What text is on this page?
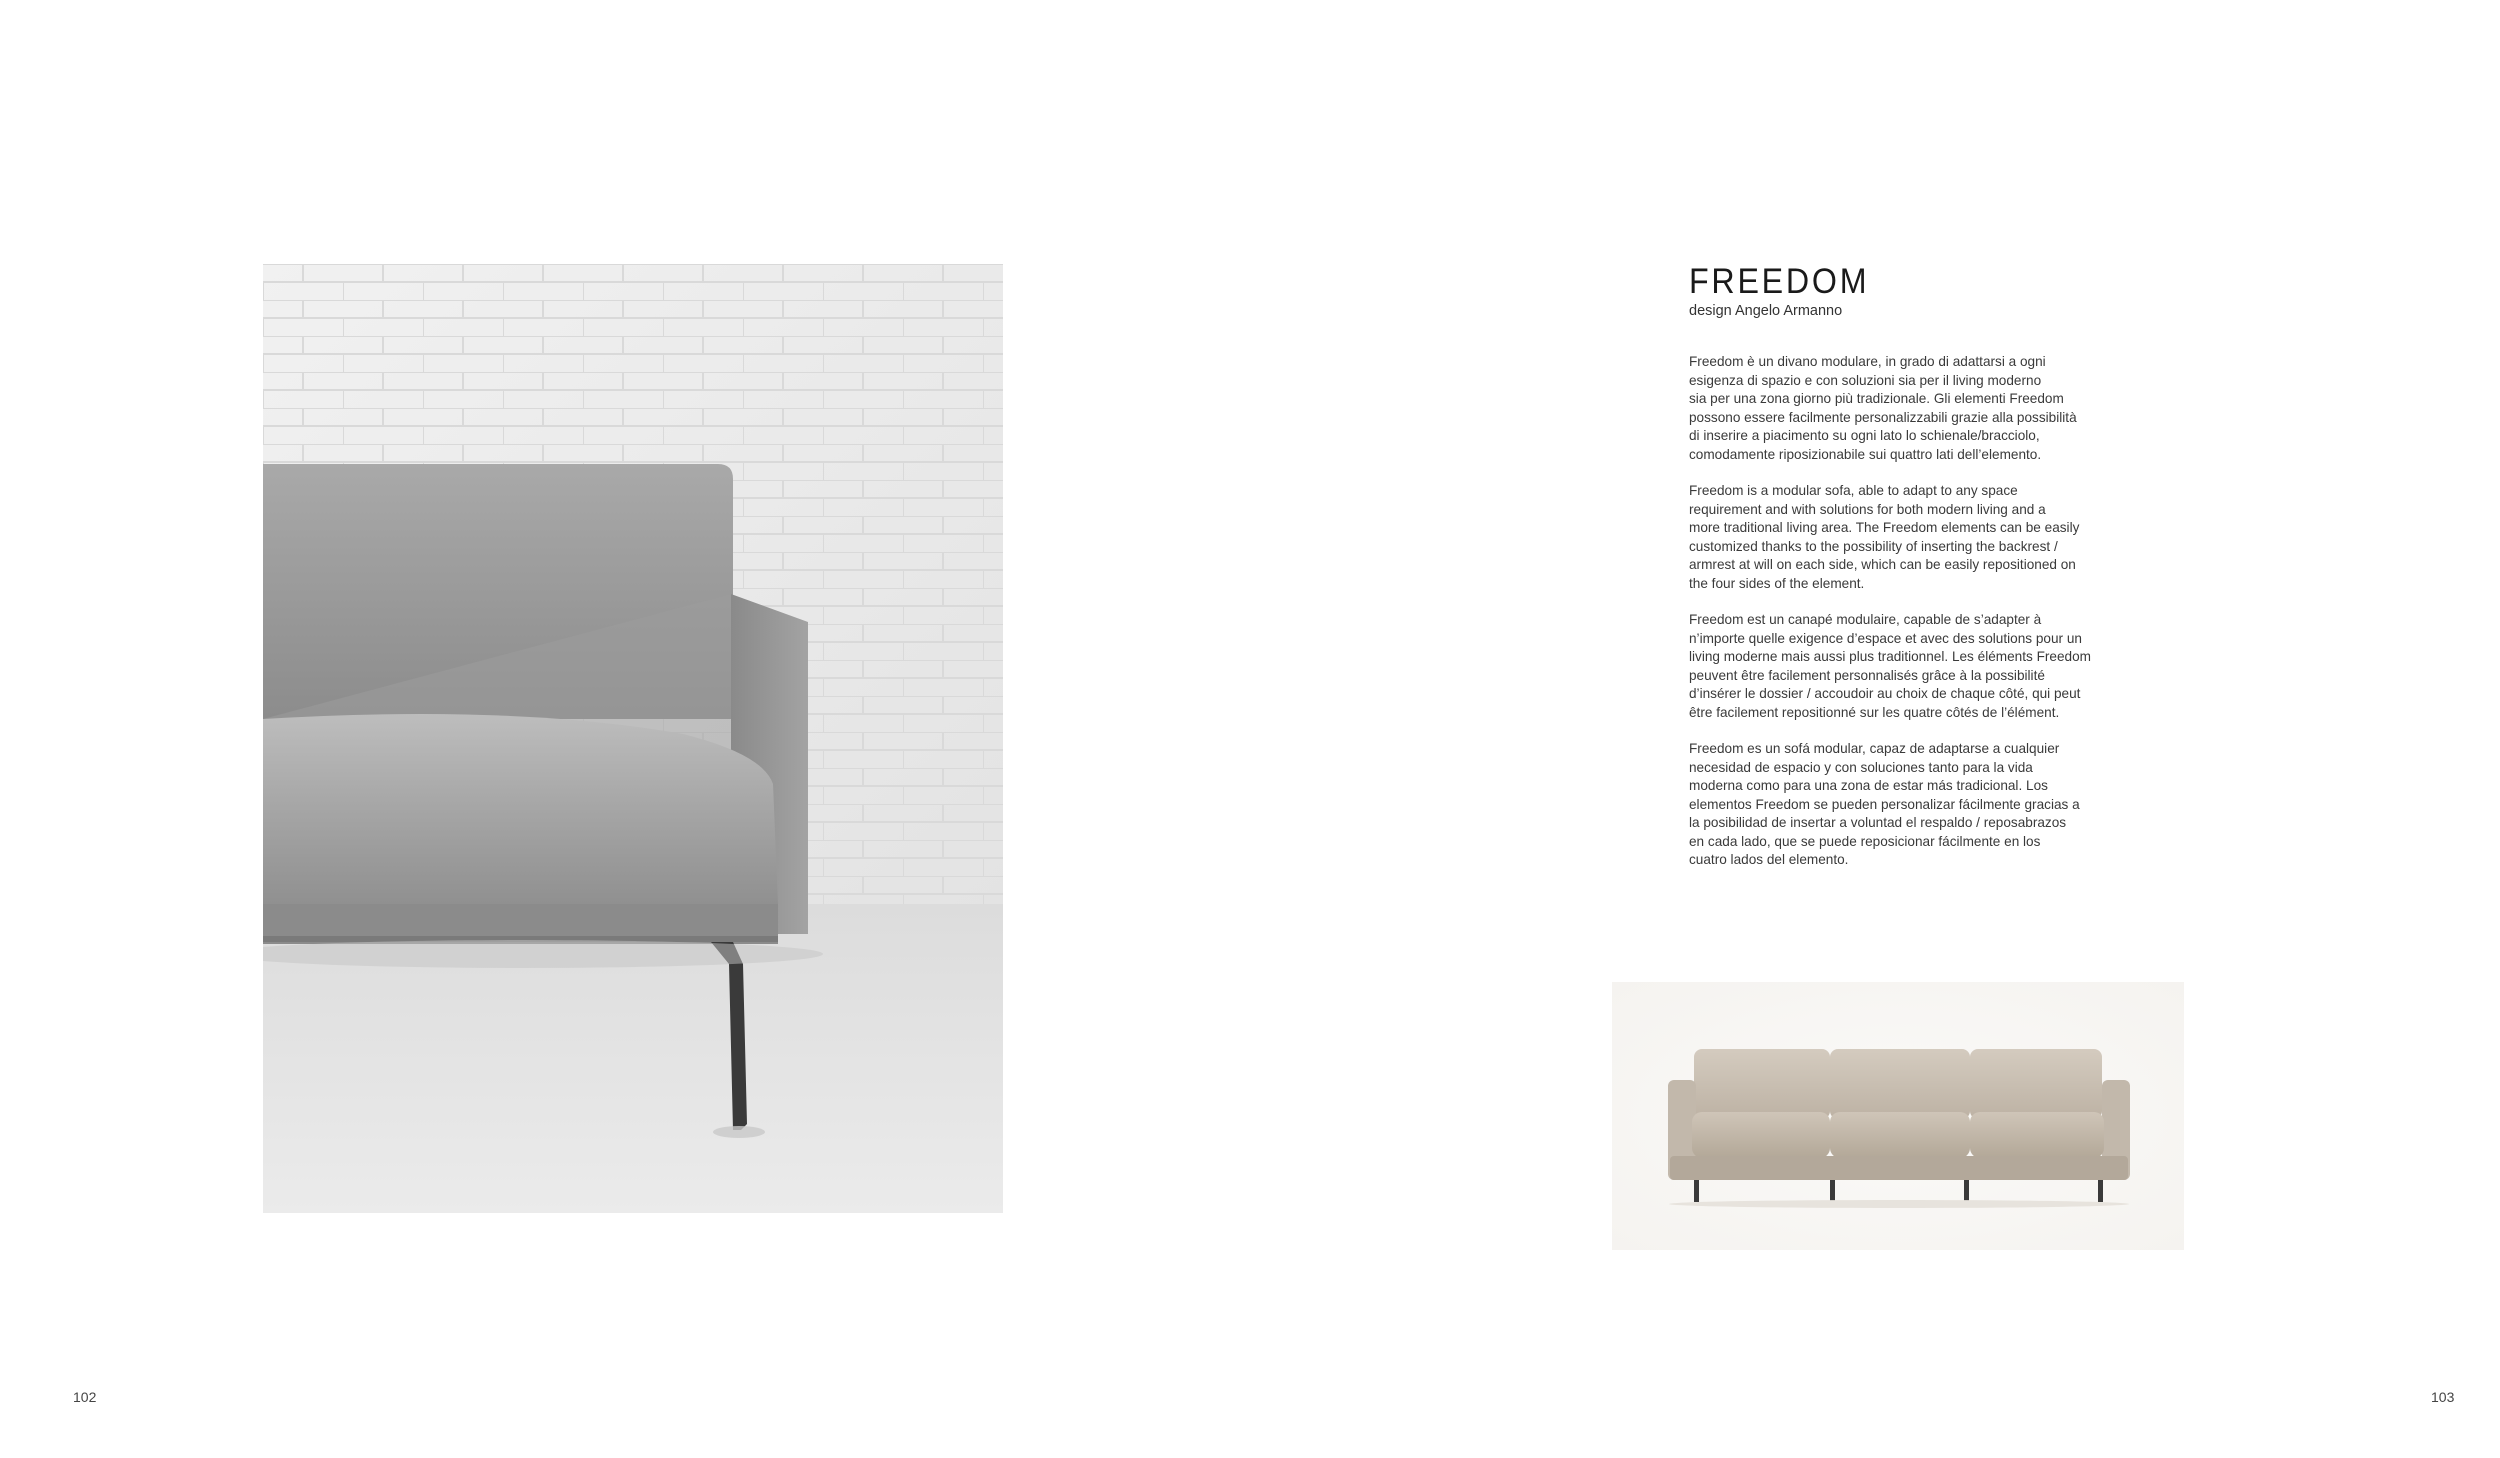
FREEDOM
design Angelo Armanno

Freedom è un divano modulare, in grado di adattarsi a ogni
esigenza di spazio e con soluzioni sia per il living moderno
sia per una zona giorno più tradizionale. Gli elementi Freedom
possono essere facilmente personalizzabili grazie alla possibilità
di inserire a piacimento su ogni lato lo schienale/bracciolo,
comodamente riposizionabile sui quattro lati dell’elemento.

Freedom is a modular sofa, able to adapt to any space
requirement and with solutions for both modern living and a
more traditional living area. The Freedom elements can be easily
customized thanks to the possibility of inserting the backrest /
armrest at will on each side, which can be easily repositioned on
the four sides of the element.

Freedom est un canapé modulaire, capable de s’adapter à
n’importe quelle exigence d’espace et avec des solutions pour un
living moderne mais aussi plus traditionnel. Les éléments Freedom
peuvent être facilement personnalisés grâce à la possibilité
d’insérer le dossier / accoudoir au choix de chaque côté, qui peut
être facilement repositionné sur les quatre côtés de l’élément.

Freedom es un sofá modular, capaz de adaptarse a cualquier
necesidad de espacio y con soluciones tanto para la vida
moderna como para una zona de estar más tradicional. Los
elementos Freedom se pueden personalizar fácilmente gracias a
la posibilidad de insertar a voluntad el respaldo / reposabrazos
en cada lado, que se puede reposicionar fácilmente en los
cuatro lados del elemento.

102	103
